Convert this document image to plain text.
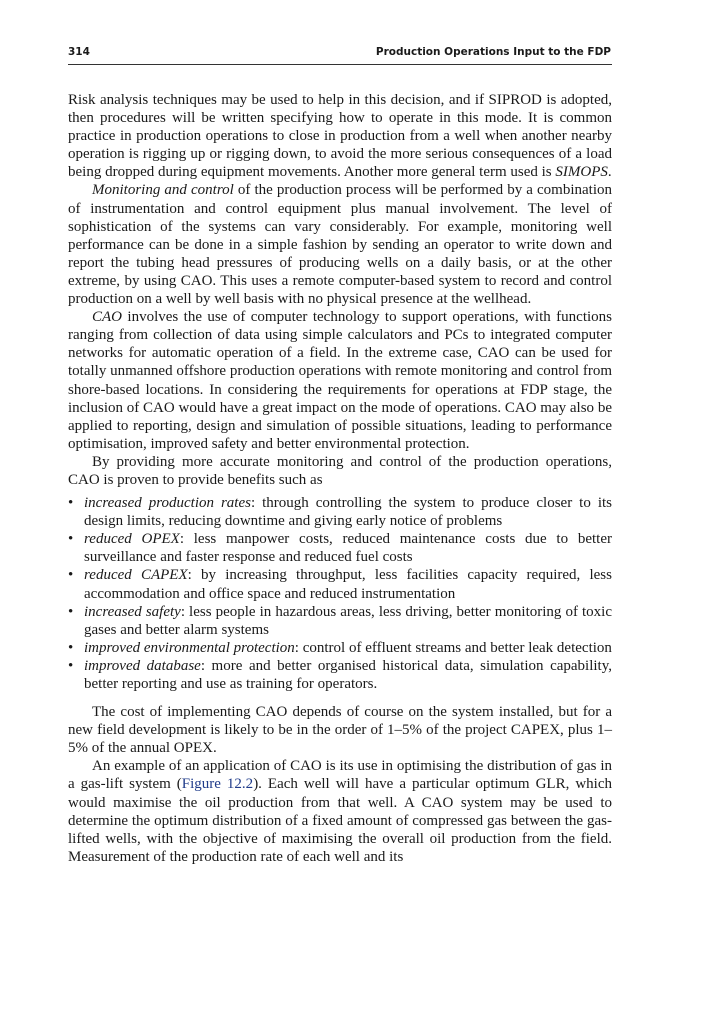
314	Production Operations Input to the FDP

Risk analysis techniques may be used to help in this decision, and if SIPROD is adopted, then procedures will be written specifying how to operate in this mode. It is common practice in production operations to close in production from a well when another nearby operation is rigging up or rigging down, to avoid the more serious consequences of a load being dropped during equipment movements. Another more general term used is SIMOPS.

Monitoring and control of the production process will be performed by a combination of instrumentation and control equipment plus manual involvement. The level of sophistication of the systems can vary considerably. For example, monitoring well performance can be done in a simple fashion by sending an operator to write down and report the tubing head pressures of producing wells on a daily basis, or at the other extreme, by using CAO. This uses a remote computer-based system to record and control production on a well by well basis with no physical presence at the wellhead.

CAO involves the use of computer technology to support operations, with functions ranging from collection of data using simple calculators and PCs to integrated computer networks for automatic operation of a field. In the extreme case, CAO can be used for totally unmanned offshore production operations with remote monitoring and control from shore-based locations. In considering the requirements for operations at FDP stage, the inclusion of CAO would have a great impact on the mode of operations. CAO may also be applied to reporting, design and simulation of possible situations, leading to performance optimisation, improved safety and better environmental protection.

By providing more accurate monitoring and control of the production operations, CAO is proven to provide benefits such as

• increased production rates: through controlling the system to produce closer to its design limits, reducing downtime and giving early notice of problems
• reduced OPEX: less manpower costs, reduced maintenance costs due to better surveillance and faster response and reduced fuel costs
• reduced CAPEX: by increasing throughput, less facilities capacity required, less accommodation and office space and reduced instrumentation
• increased safety: less people in hazardous areas, less driving, better monitoring of toxic gases and better alarm systems
• improved environmental protection: control of effluent streams and better leak detection
• improved database: more and better organised historical data, simulation capability, better reporting and use as training for operators.

The cost of implementing CAO depends of course on the system installed, but for a new field development is likely to be in the order of 1–5% of the project CAPEX, plus 1–5% of the annual OPEX.

An example of an application of CAO is its use in optimising the distribution of gas in a gas-lift system (Figure 12.2). Each well will have a particular optimum GLR, which would maximise the oil production from that well. A CAO system may be used to determine the optimum distribution of a fixed amount of compressed gas between the gas-lifted wells, with the objective of maximising the overall oil production from the field. Measurement of the production rate of each well and its
